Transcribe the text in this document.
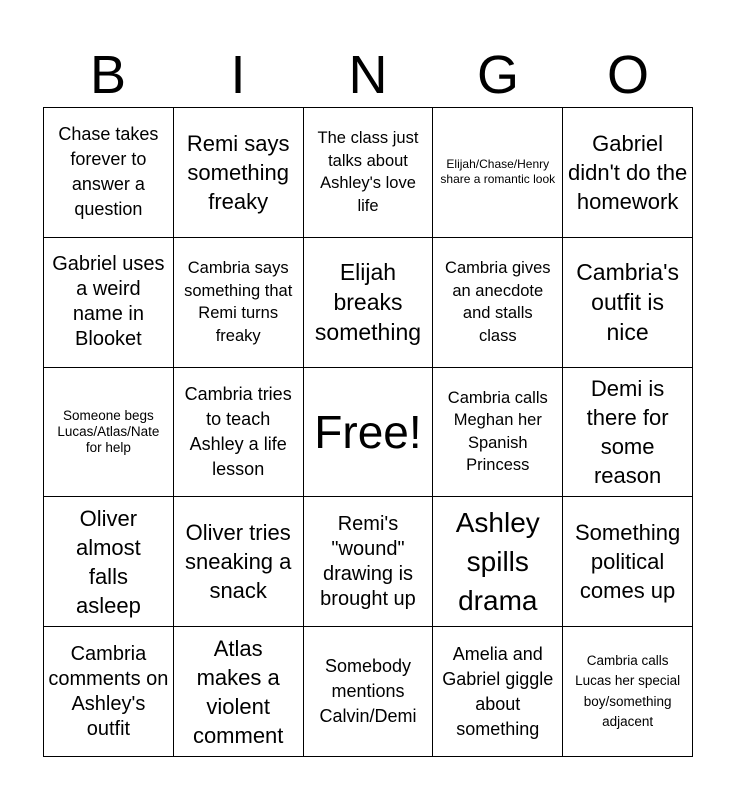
B	I	N	G	O
Chase takes forever to answer a question
Remi says something freaky
The class just talks about Ashley's love life
Elijah/Chase/Henry share a romantic look
Gabriel didn't do the homework
Gabriel uses a weird name in Blooket
Cambria says something that Remi turns freaky
Elijah breaks something
Cambria gives an anecdote and stalls class
Cambria's outfit is nice
Someone begs Lucas/Atlas/Nate for help
Cambria tries to teach Ashley a life lesson
Free!
Cambria calls Meghan her Spanish Princess
Demi is there for some reason
Oliver almost falls asleep
Oliver tries sneaking a snack
Remi's "wound" drawing is brought up
Ashley spills drama
Something political comes up
Cambria comments on Ashley's outfit
Atlas makes a violent comment
Somebody mentions Calvin/Demi
Amelia and Gabriel giggle about something
Cambria calls Lucas her special boy/something adjacent
